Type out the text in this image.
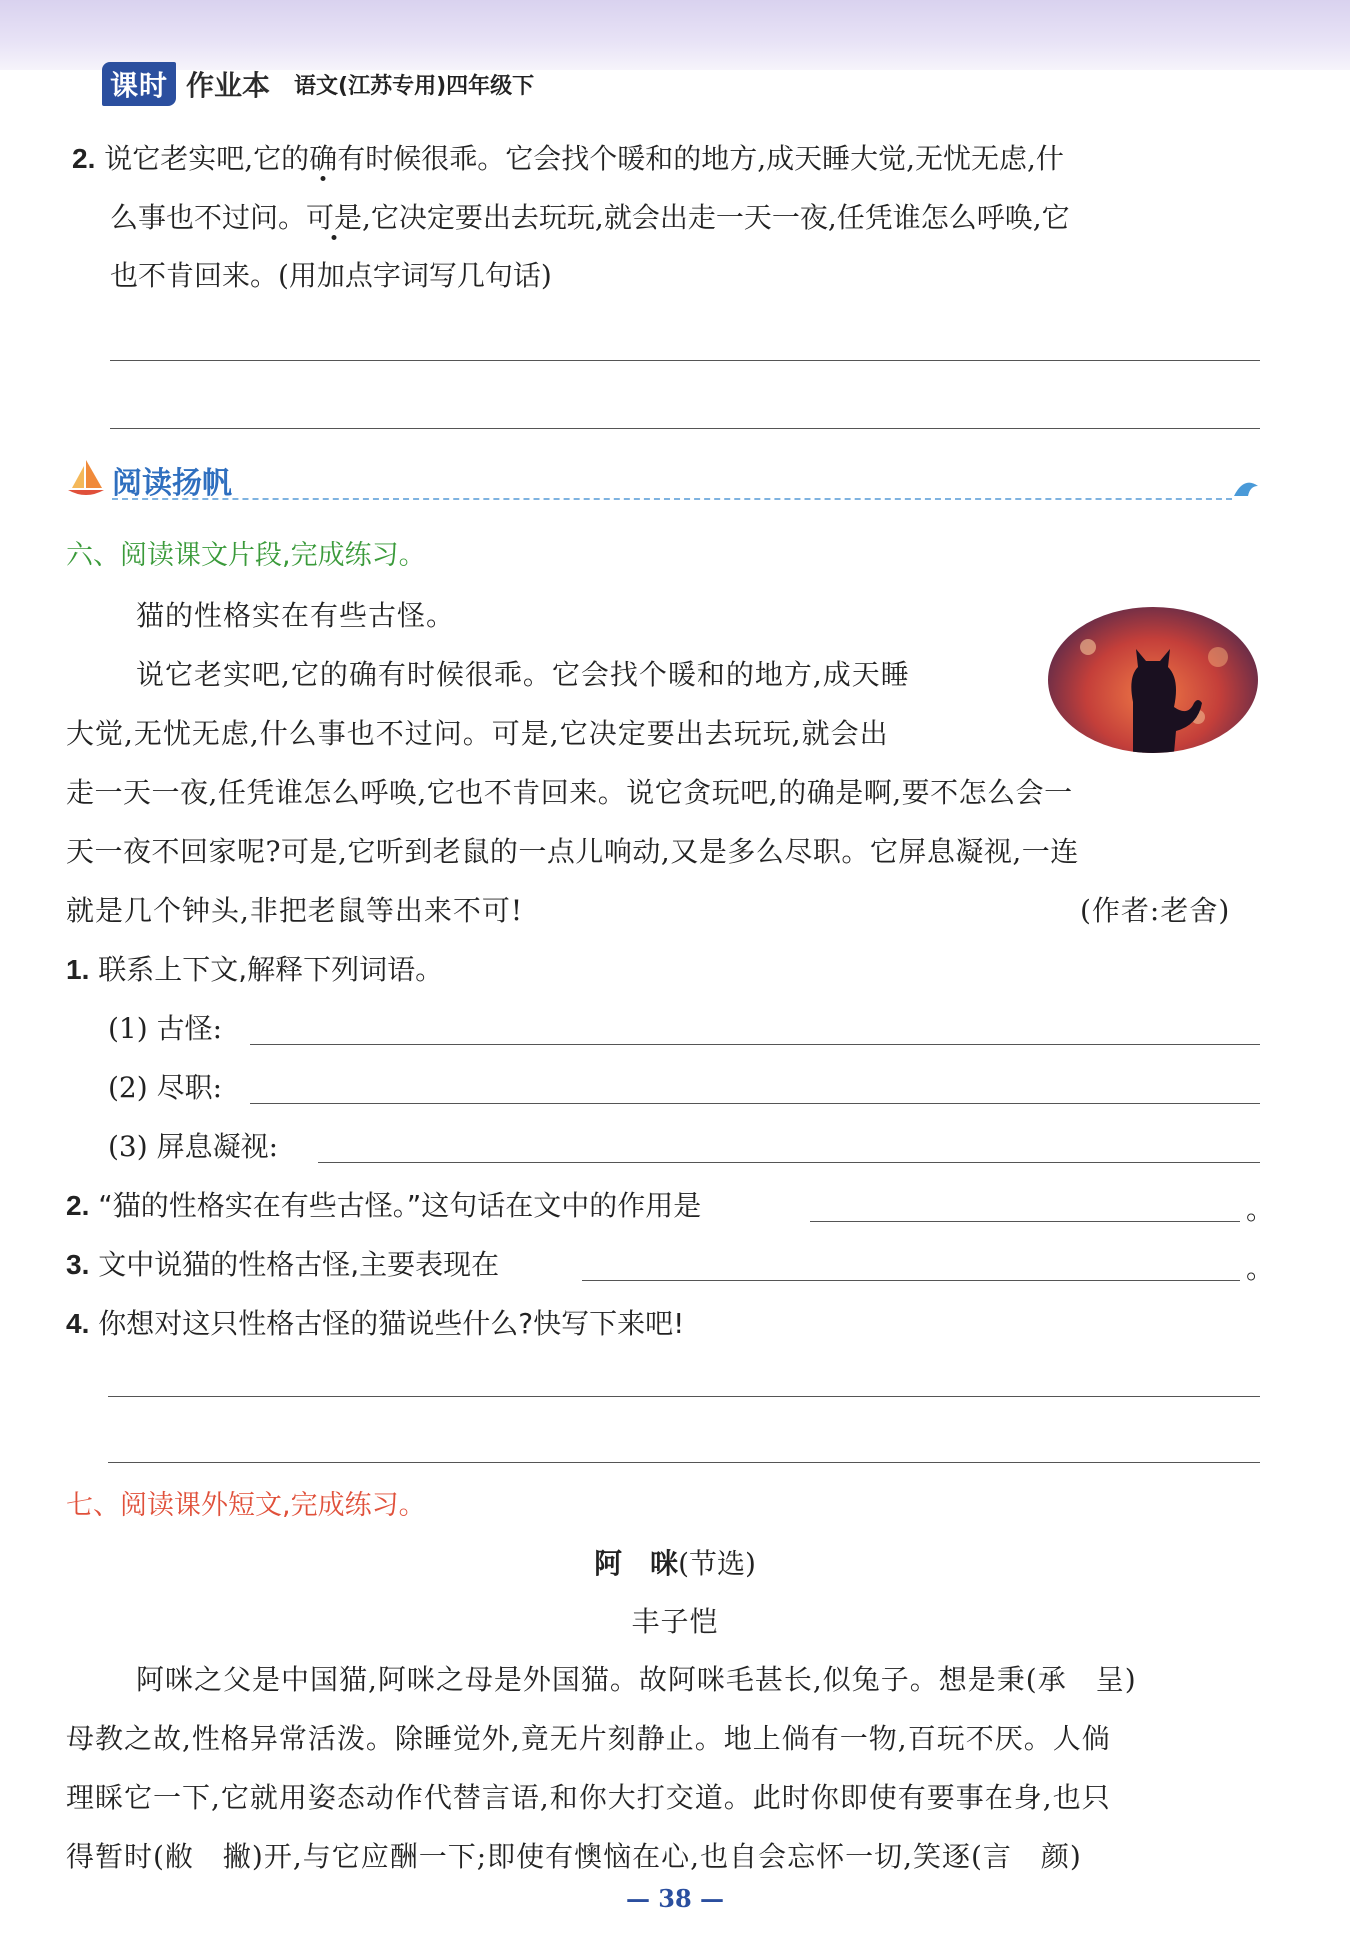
课时 作业本 语文(江苏专用)四年级下
2. 说它老实吧,它的确有时候很乖。它会找个暖和的地方,成天睡大觉,无忧无虑,什
么事也不过问。可是,它决定要出去玩玩,就会出走一天一夜,任凭谁怎么呼唤,它
也不肯回来。(用加点字词写几句话)
阅读扬帆
六、阅读课文片段,完成练习。
猫的性格实在有些古怪。
说它老实吧,它的确有时候很乖。它会找个暖和的地方,成天睡
大觉,无忧无虑,什么事也不过问。可是,它决定要出去玩玩,就会出
走一天一夜,任凭谁怎么呼唤,它也不肯回来。说它贪玩吧,的确是啊,要不怎么会一
天一夜不回家呢?可是,它听到老鼠的一点儿响动,又是多么尽职。它屏息凝视,一连
就是几个钟头,非把老鼠等出来不可!	(作者:老舍)
1. 联系上下文,解释下列词语。
(1) 古怪:
(2) 尽职:
(3) 屏息凝视:
2. “猫的性格实在有些古怪。”这句话在文中的作用是	。
3. 文中说猫的性格古怪,主要表现在	。
4. 你想对这只性格古怪的猫说些什么?快写下来吧!
七、阅读课外短文,完成练习。
阿　咪(节选)
丰子恺
阿咪之父是中国猫,阿咪之母是外国猫。故阿咪毛甚长,似兔子。想是秉(承　呈)
母教之故,性格异常活泼。除睡觉外,竟无片刻静止。地上倘有一物,百玩不厌。人倘
理睬它一下,它就用姿态动作代替言语,和你大打交道。此时你即使有要事在身,也只
得暂时(敝　撇)开,与它应酬一下;即使有懊恼在心,也自会忘怀一切,笑逐(言　颜)
— 38 —
